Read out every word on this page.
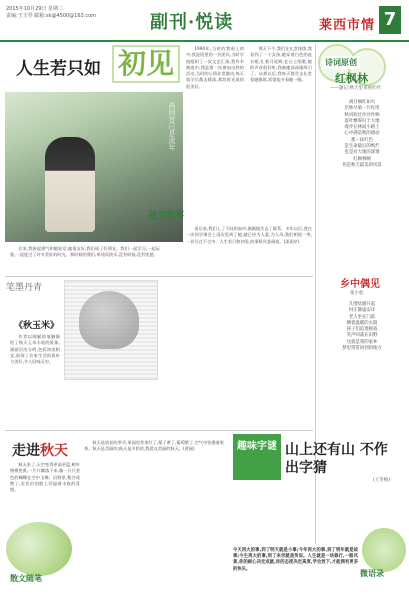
2015年10月29日 星期二
责编:王玉琴 邮箱:sk@4500@163.com	副刊·悦读	莱西市情 7
人生若只如 初见
再回首已是流年
姜文故事

1994年,当时的我刚上初中,我是班里的一名团员,当时学校组织了一次文艺汇演,我有幸被选中,我是第一次参加这样的活动,当时的心情非常激动,每天放学后都去排练,那段时光真的很美好。

那天下午,我们在礼堂排练,我看到了一个女孩,她穿着白色的连衣裙,扎着马尾辫,在台上唱歌,她的声音很好听,我被她深深地吸引了。从那以后,我每天都会去礼堂看她排练,希望能多看她一眼。

后来,我鼓起勇气和她说话,她很友好,我们成了好朋友。我们一起学习,一起玩耍,一起度过了许多美好的时光。那时候的我们,单纯而快乐,没有烦恼,没有忧愁。

再后来,我们上了不同的高中,渐渐地失去了联系。多年以后,我在一次同学聚会上再次见到了她,她已经为人妻,为人母,我们相视一笑,一切尽在不言中。人生若只如初见,何事秋风悲画扇。(姜雨亭)

诗词原创
红枫林
——题记:秋天里来看红叶
满目枫红如火
层林尽染一片红彤
秋风吹过沙沙作响
落叶飘零归于大地
漫步在林间小路上
心中满是秋的感动
那一抹红色
是生命最后的绚烂
也是对大地的深情
红枫林啊
你是秋天最美的风景
乡中偶见
张小松
几缕炊烟升起
村庄静谧安详
老人坐在门前
晒着温暖的太阳
孩子们追逐嬉戏
笑声回荡在田野
这就是我的家乡
梦里常常回到的地方
笔墨丹青
《秋玉米》

作者以细腻的笔触描绘了秋天玉米丰收的景象,画面层次分明,色彩浓淡相宜,展现了农家生活的质朴与美好,令人回味无穷。

走进秋天

秋天来了,天空变得更高更蓝,树叶慢慢变黄,一片片飘落下来,像一只只金色的蝴蝶在空中飞舞。田野里,稻谷成熟了,农民伯伯脸上洋溢着丰收的喜悦。

秋天是收获的季节,果园里苹果红了,梨子黄了,葡萄紫了,空气中弥漫着果香。秋天是美丽的,秋天是多彩的,我爱这美丽的秋天。(贾丽)

散文随笔
趣味字谜 山上还有山 不作出字猜
(王冬梅)
今天再大的事,到了明天就是小事;今年再大的事,到了明年就是故事;今生再大的事,到了来世就是传说。人生就是一场修行,一路风景,你的耐心决定成就,你的态度决定高度,学会放下,才能拥有更多的快乐。	微语录
